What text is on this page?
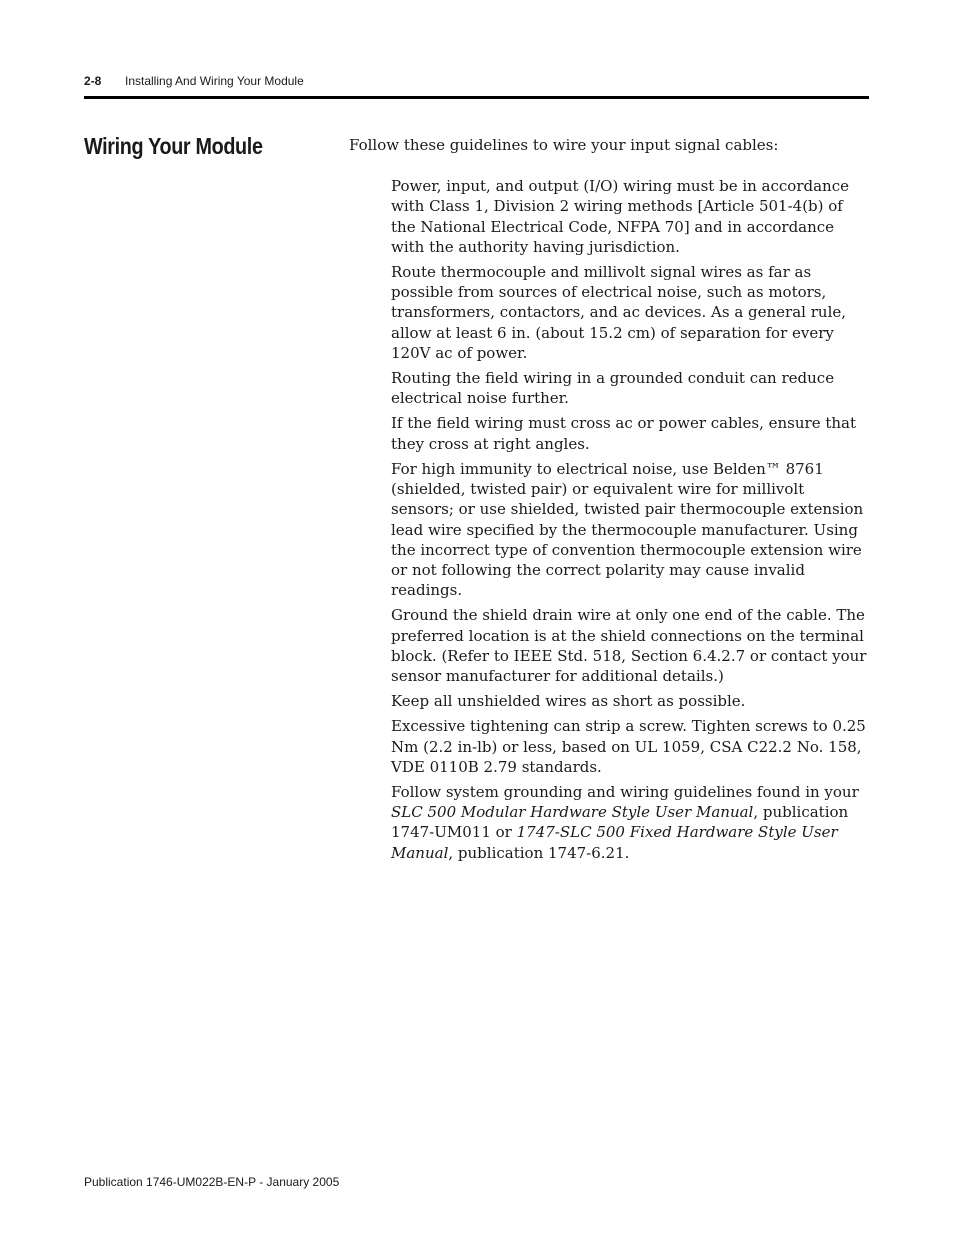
2-8 Installing And Wiring Your Module
Wiring Your Module	Follow these guidelines to wire your input signal cables:

Power, input, and output (I/O) wiring must be in accordance with Class 1, Division 2 wiring methods [Article 501-4(b) of the National Electrical Code, NFPA 70] and in accordance with the authority having jurisdiction.
Route thermocouple and millivolt signal wires as far as possible from sources of electrical noise, such as motors, transformers, contactors, and ac devices. As a general rule, allow at least 6 in. (about 15.2 cm) of separation for every 120V ac of power.
Routing the field wiring in a grounded conduit can reduce electrical noise further.
If the field wiring must cross ac or power cables, ensure that they cross at right angles.
For high immunity to electrical noise, use Belden™ 8761 (shielded, twisted pair) or equivalent wire for millivolt sensors; or use shielded, twisted pair thermocouple extension lead wire specified by the thermocouple manufacturer. Using the incorrect type of convention thermocouple extension wire or not following the correct polarity may cause invalid readings.
Ground the shield drain wire at only one end of the cable. The preferred location is at the shield connections on the terminal block. (Refer to IEEE Std. 518, Section 6.4.2.7 or contact your sensor manufacturer for additional details.)
Keep all unshielded wires as short as possible.
Excessive tightening can strip a screw. Tighten screws to 0.25 Nm (2.2 in-lb) or less, based on UL 1059, CSA C22.2 No. 158, VDE 0110B 2.79 standards.
Follow system grounding and wiring guidelines found in your SLC 500 Modular Hardware Style User Manual, publication 1747-UM011 or 1747-SLC 500 Fixed Hardware Style User Manual, publication 1747-6.21.
Publication 1746-UM022B-EN-P - January 2005
